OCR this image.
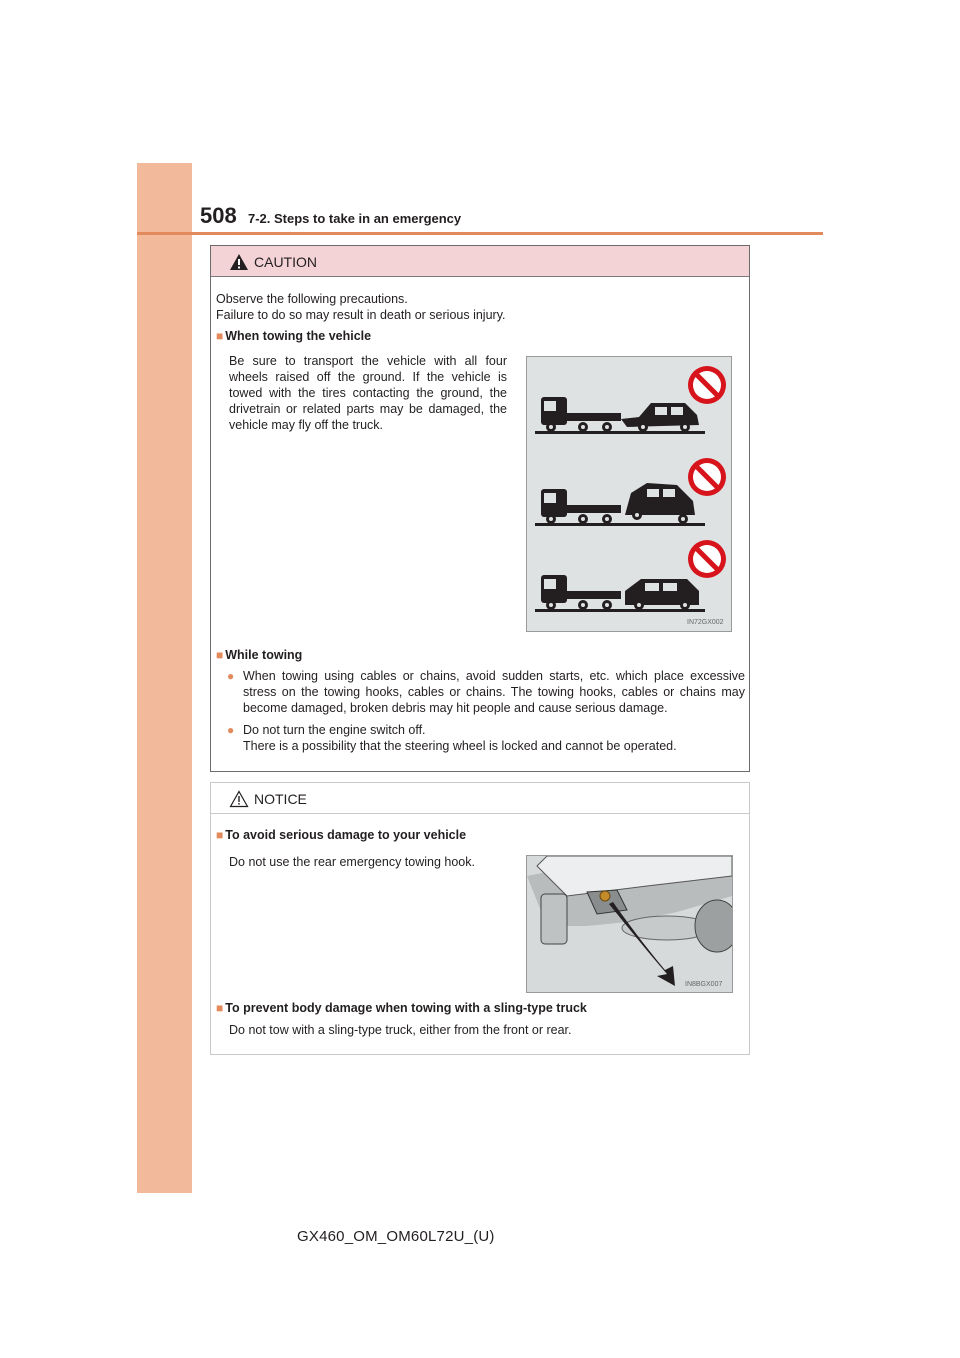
508 7-2. Steps to take in an emergency
CAUTION
Observe the following precautions.
Failure to do so may result in death or serious injury.
■ When towing the vehicle
Be sure to transport the vehicle with all four wheels raised off the ground. If the vehicle is towed with the tires contacting the ground, the drivetrain or related parts may be damaged, the vehicle may fly off the truck.
IN72GX002
■ While towing
● When towing using cables or chains, avoid sudden starts, etc. which place excessive stress on the towing hooks, cables or chains. The towing hooks, cables or chains may become damaged, broken debris may hit people and cause serious damage.
● Do not turn the engine switch off.
There is a possibility that the steering wheel is locked and cannot be operated.
NOTICE
■ To avoid serious damage to your vehicle
Do not use the rear emergency towing hook.
IN8BGX007
■ To prevent body damage when towing with a sling-type truck
Do not tow with a sling-type truck, either from the front or rear.
GX460_OM_OM60L72U_(U)
